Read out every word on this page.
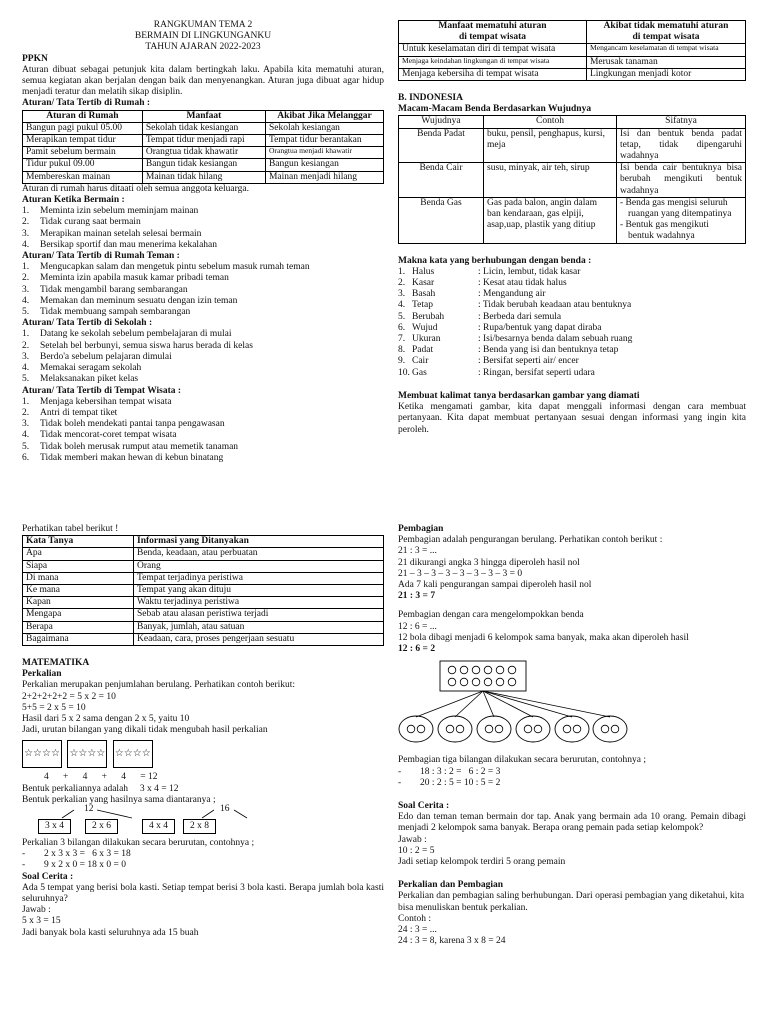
RANGKUMAN TEMA 2
BERMAIN DI LINGKUNGANKU
TAHUN AJARAN 2022-2023
PPKN
Aturan dibuat sebagai petunjuk kita dalam bertingkah laku. Apabila kita mematuhi aturan, semua kegiatan akan berjalan dengan baik dan menyenangkan. Aturan juga dibuat agar hidup menjadi teratur dan melatih sikap disiplin.
Aturan/ Tata Tertib di Rumah :
Aturan di Rumah	Manfaat	Akibat Jika Melanggar
Bangun pagi pukul 05.00	Sekolah tidak kesiangan	Sekolah kesiangan
Merapikan tempat tidur	Tempat tidur menjadi rapi	Tempat tidur berantakan
Pamit sebelum bermain	Orangtua tidak khawatir	Orangtua menjadi khawatir
Tidur pukul 09.00	Bangun tidak kesiangan	Bangun kesiangan
Membereskan mainan	Mainan tidak hilang	Mainan menjadi hilang
Aturan di rumah harus ditaati oleh semua anggota keluarga.
Aturan Ketika Bermain :
1.	Meminta izin sebelum meminjam mainan
2.	Tidak curang saat bermain
3.	Merapikan mainan setelah selesai bermain
4.	Bersikap sportif dan mau menerima kekalahan
Aturan/ Tata Tertib di Rumah Teman :
1.	Mengucapkan salam dan mengetuk pintu sebelum masuk rumah teman
2.	Meminta izin apabila masuk kamar pribadi teman
3.	Tidak mengambil barang sembarangan
4.	Memakan dan meminum sesuatu dengan izin teman
5.	Tidak membuang sampah sembarangan
Aturan/ Tata Tertib di Sekolah :
1.	Datang ke sekolah sebelum pembelajaran di mulai
2.	Setelah bel berbunyi, semua siswa harus berada di kelas
3.	Berdo'a sebelum pelajaran dimulai
4.	Memakai seragam sekolah
5.	Melaksanakan piket kelas
Aturan/ Tata Tertib di Tempat Wisata :
1.	Menjaga kebersihan tempat wisata
2.	Antri di tempat tiket
3.	Tidak boleh mendekati pantai tanpa pengawasan
4.	Tidak mencorat-coret tempat wisata
5.	Tidak boleh merusak rumput atau memetik tanaman
6.	Tidak memberi makan hewan di kebun binatang
Manfaat mematuhi aturan
di tempat wisata	Akibat tidak mematuhi aturan
di tempat wisata

Untuk keselamatan diri di tempat wisata	Mengancam keselamatan di tempat wisata
Menjaga keindahan lingkungan di tempat wisata	Merusak tanaman
Menjaga kebersiha di tempat wisata	Lingkungan menjadi kotor
B. INDONESIA
Macam-Macam Benda Berdasarkan Wujudnya
Wujudnya	Contoh	Sifatnya
Benda Padat	buku, pensil, penghapus, kursi, meja	Isi dan bentuk benda padat tetap, tidak dipengaruhi wadahnya
Benda Cair	susu, minyak, air teh, sirup	Isi benda cair bentuknya bisa berubah mengikuti bentuk wadahnya
Benda Gas	Gas pada balon, angin dalam ban kendaraan, gas elpiji, asap,uap, plastik yang ditiup	- Benda gas mengisi seluruh
ruangan yang ditempatinya
- Bentuk gas mengikuti
bentuk wadahnya
Makna kata yang berhubungan dengan benda :
1. Halus	: Licin, lembut, tidak kasar
2. Kasar	: Kesat atau tidak halus
3. Basah	: Mengandung air
4. Tetap	: Tidak berubah keadaan atau bentuknya
5. Berubah	: Berbeda dari semula
6. Wujud	: Rupa/bentuk yang dapat diraba
7. Ukuran	: Isi/besarnya benda dalam sebuah ruang
8. Padat	: Benda yang isi dan bentuknya tetap
9. Cair	: Bersifat seperti air/ encer
10. Gas	: Ringan, bersifat seperti udara
Membuat kalimat tanya berdasarkan gambar yang diamati
Ketika mengamati gambar, kita dapat menggali informasi dengan cara membuat pertanyaan. Kita dapat membuat pertanyaan sesuai dengan informasi yang ingin kita peroleh.
Perhatikan tabel berikut !
Kata Tanya	Informasi yang Ditanyakan
Apa	Benda, keadaan, atau perbuatan
Siapa	Orang
Di mana	Tempat terjadinya peristiwa
Ke mana	Tempat yang akan dituju
Kapan	Waktu terjadinya peristiwa
Mengapa	Sebab atau alasan peristiwa terjadi
Berapa	Banyak, jumlah, atau satuan
Bagaimana	Keadaan, cara, proses pengerjaan sesuatu
MATEMATIKA
Perkalian
Perkalian merupakan penjumlahan berulang. Perhatikan contoh berikut:
2+2+2+2+2 = 5 x 2 = 10
5+5 = 2 x 5 = 10
Hasil dari 5 x 2 sama dengan 2 x 5, yaitu 10
Jadi, urutan bilangan yang dikali tidak mengubah hasil perkalian
☆ ☆ ☆ ☆
☆ ☆ ☆ ☆
☆ ☆ ☆ ☆
4      +      4      +      4      = 12
Bentuk perkaliannya adalah     3 x 4 = 12
Bentuk perkalian yang hasilnya sama diantaranya ;
12	16
3 x 4	2 x 6	4 x 4	2 x 8
Perkalian 3 bilangan dilakukan secara berurutan, contohnya ;
-	2 x 3 x 3 =   6 x 3 = 18
-	9 x 2 x 0 = 18 x 0 = 0
Soal Cerita :
Ada 5 tempat yang berisi bola kasti. Setiap tempat berisi 3 bola kasti. Berapa jumlah bola kasti seluruhnya?
Jawab :
5 x 3 = 15
Jadi banyak bola kasti seluruhnya ada 15 buah
Pembagian
Pembagian adalah pengurangan berulang. Perhatikan contoh berikut :
21 : 3 = ...
21 dikurangi angka 3 hingga diperoleh hasil nol
21 – 3 – 3 – 3 – 3 – 3 – 3 – 3 = 0
Ada 7 kali pengurangan sampai diperoleh hasil nol
21 : 3 = 7
Pembagian dengan cara mengelompokkan benda
12 : 6 = ...
12 bola dibagi menjadi 6 kelompok sama banyak, maka akan diperoleh hasil
12 : 6 = 2
Pembagian tiga bilangan dilakukan secara berurutan, contohnya ;
-	18 : 3 : 2 =   6 : 2 = 3
-	20 : 2 : 5 = 10 : 5 = 2
Soal Cerita :
Edo dan teman teman bermain dor tap. Anak yang bermain ada 10 orang. Pemain dibagi menjadi 2 kelompok sama banyak. Berapa orang pemain pada setiap kelompok?
Jawab :
10 : 2 = 5
Jadi setiap kelompok terdiri 5 orang pemain
Perkalian dan Pembagian
Perkalian dan pembagian saling berhubungan. Dari operasi pembagian yang diketahui, kita bisa menuliskan bentuk perkalian.
Contoh :
24 : 3 = ...
24 : 3 = 8, karena 3 x 8 = 24
